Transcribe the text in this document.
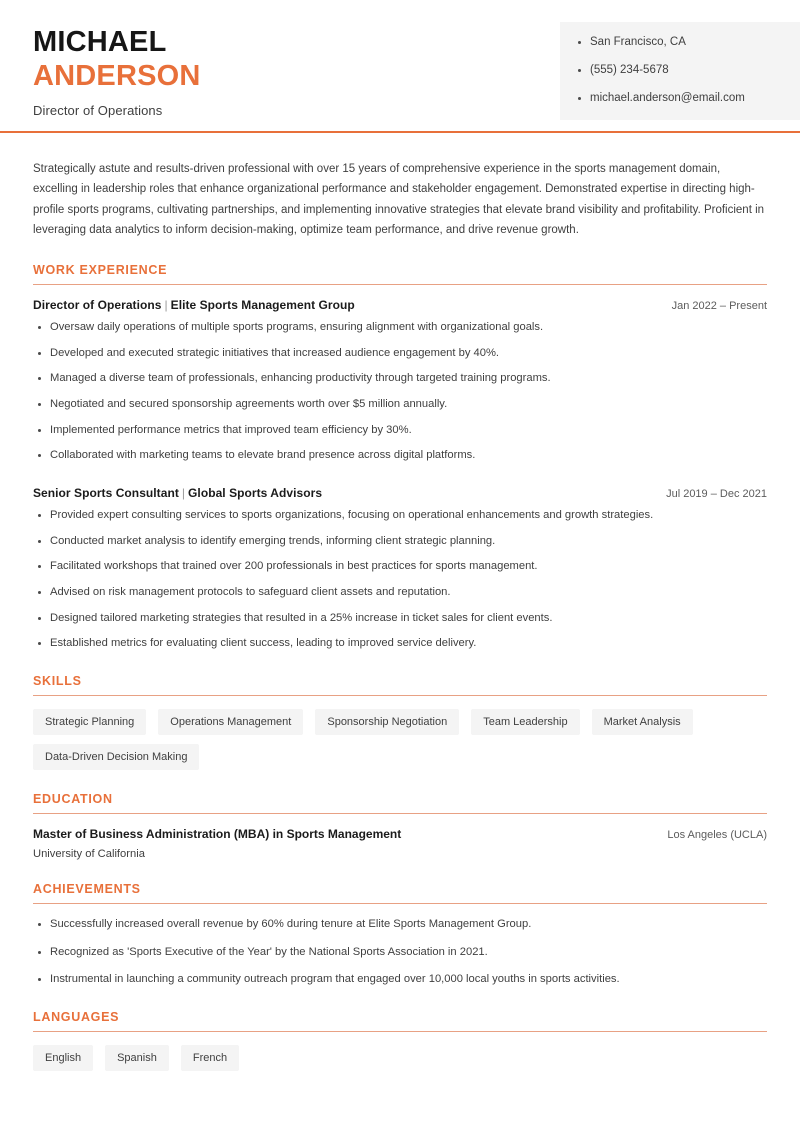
MICHAEL
ANDERSON
Director of Operations
San Francisco, CA
(555) 234-5678
michael.anderson@email.com

Strategically astute and results-driven professional with over 15 years of comprehensive experience in the sports management domain, excelling in leadership roles that enhance organizational performance and stakeholder engagement. Demonstrated expertise in directing high-profile sports programs, cultivating partnerships, and implementing innovative strategies that elevate brand visibility and profitability. Proficient in leveraging data analytics to inform decision-making, optimize team performance, and drive revenue growth.

WORK EXPERIENCE
Director of Operations | Elite Sports Management Group	Jan 2022 – Present
Oversaw daily operations of multiple sports programs, ensuring alignment with organizational goals.
Developed and executed strategic initiatives that increased audience engagement by 40%.
Managed a diverse team of professionals, enhancing productivity through targeted training programs.
Negotiated and secured sponsorship agreements worth over $5 million annually.
Implemented performance metrics that improved team efficiency by 30%.
Collaborated with marketing teams to elevate brand presence across digital platforms.
Senior Sports Consultant | Global Sports Advisors	Jul 2019 – Dec 2021
Provided expert consulting services to sports organizations, focusing on operational enhancements and growth strategies.
Conducted market analysis to identify emerging trends, informing client strategic planning.
Facilitated workshops that trained over 200 professionals in best practices for sports management.
Advised on risk management protocols to safeguard client assets and reputation.
Designed tailored marketing strategies that resulted in a 25% increase in ticket sales for client events.
Established metrics for evaluating client success, leading to improved service delivery.
SKILLS
Strategic Planning	Operations Management	Sponsorship Negotiation	Team Leadership	Market Analysis
Data-Driven Decision Making
EDUCATION
Master of Business Administration (MBA) in Sports Management	Los Angeles (UCLA)
University of California
ACHIEVEMENTS
Successfully increased overall revenue by 60% during tenure at Elite Sports Management Group.
Recognized as 'Sports Executive of the Year' by the National Sports Association in 2021.
Instrumental in launching a community outreach program that engaged over 10,000 local youths in sports activities.
LANGUAGES
English	Spanish	French
